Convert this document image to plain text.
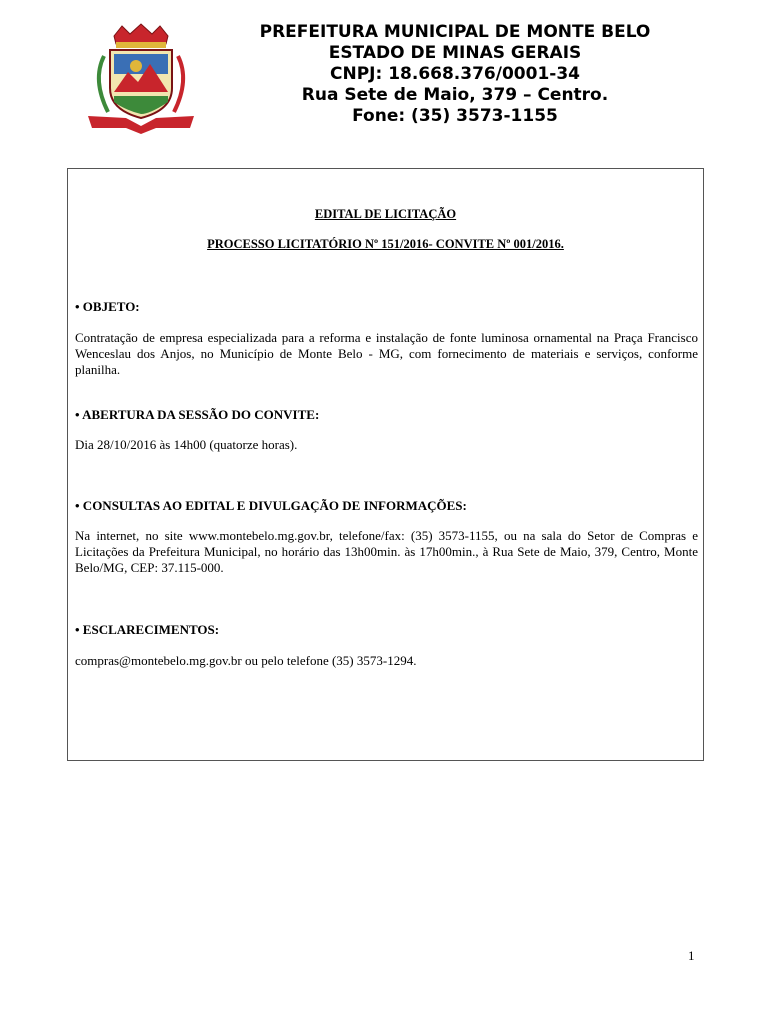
PREFEITURA MUNICIPAL DE MONTE BELO
ESTADO DE MINAS GERAIS
CNPJ: 18.668.376/0001-34
Rua Sete de Maio, 379 – Centro.
Fone: (35) 3573-1155
EDITAL DE LICITAÇÃO
PROCESSO LICITATÓRIO Nº 151/2016- CONVITE Nº 001/2016.
• OBJETO:
Contratação de empresa especializada para a reforma e instalação de fonte luminosa ornamental na Praça Francisco Wenceslau dos Anjos, no Município de Monte Belo - MG, com fornecimento de materiais e serviços, conforme planilha.
• ABERTURA DA SESSÃO DO CONVITE:
Dia 28/10/2016 às 14h00 (quatorze horas).
• CONSULTAS AO EDITAL E DIVULGAÇÃO DE INFORMAÇÕES:
Na internet, no site www.montebelo.mg.gov.br, telefone/fax: (35) 3573-1155, ou na sala do Setor de Compras e Licitações da Prefeitura Municipal, no horário das 13h00min. às 17h00min., à Rua Sete de Maio, 379, Centro, Monte Belo/MG, CEP: 37.115-000.
• ESCLARECIMENTOS:
compras@montebelo.mg.gov.br ou pelo telefone (35) 3573-1294.
1
